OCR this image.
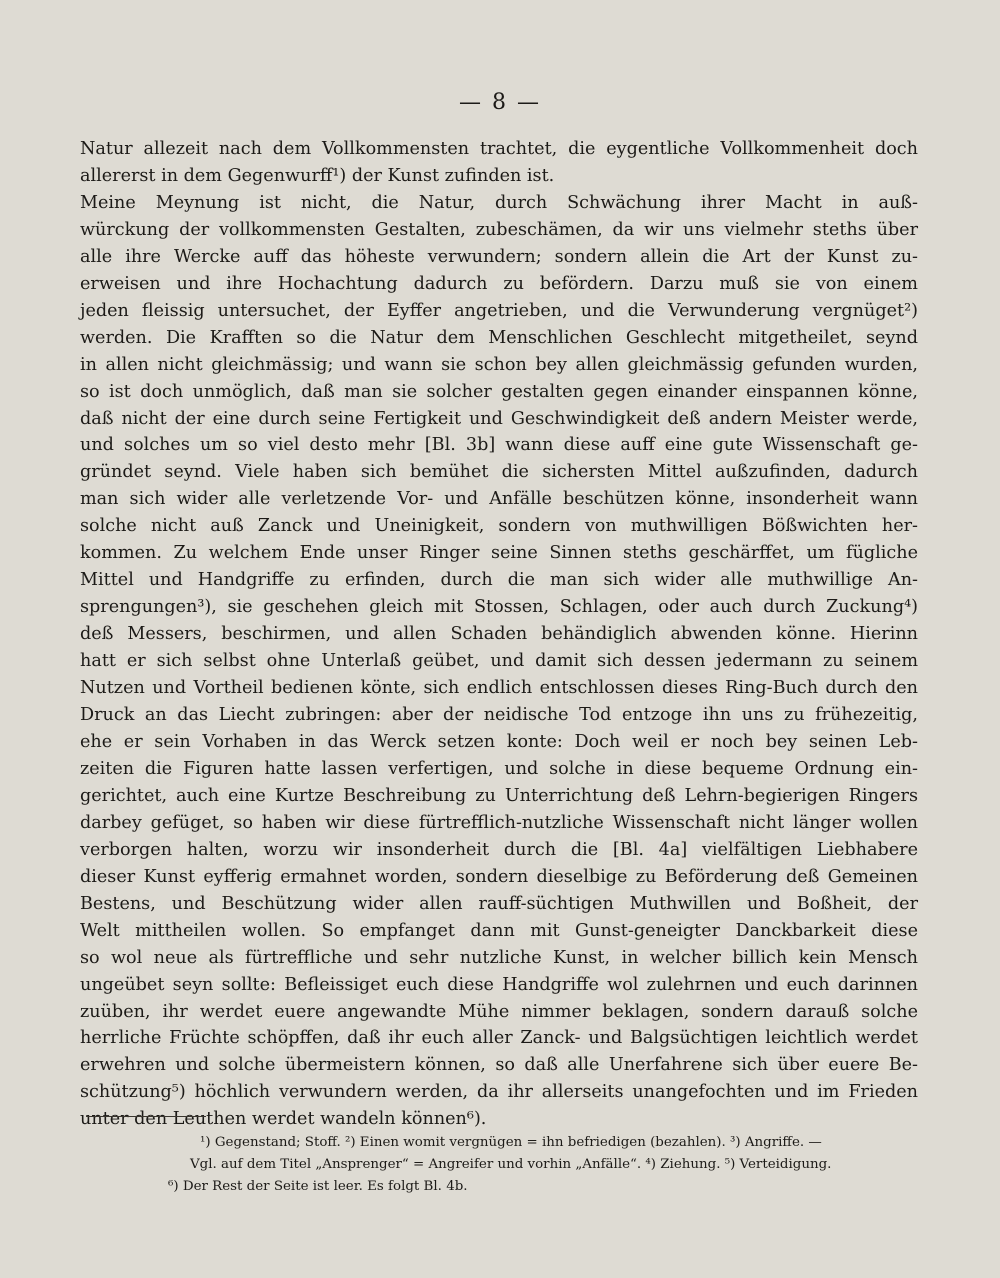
— 8 —
Natur allezeit nach dem Vollkommensten trachtet, die eygentliche Vollkommenheit doch
allererst in dem Gegenwurff¹) der Kunst zufinden ist.
Meine Meynung ist nicht, die Natur, durch Schwächung ihrer Macht in auß-
würckung der vollkommensten Gestalten, zubeschämen, da wir uns vielmehr steths über
alle ihre Wercke auff das höheste verwundern; sondern allein die Art der Kunst zu-
erweisen und ihre Hochachtung dadurch zu befördern. Darzu muß sie von einem
jeden fleissig untersuchet, der Eyffer angetrieben, und die Verwunderung vergnüget²)
werden. Die Krafften so die Natur dem Menschlichen Geschlecht mitgetheilet, seynd
in allen nicht gleichmässig; und wann sie schon bey allen gleichmässig gefunden wurden,
so ist doch unmöglich, daß man sie solcher gestalten gegen einander einspannen könne,
daß nicht der eine durch seine Fertigkeit und Geschwindigkeit deß andern Meister werde,
und solches um so viel desto mehr [Bl. 3b] wann diese auff eine gute Wissenschaft ge-
gründet seynd. Viele haben sich bemühet die sichersten Mittel außzufinden, dadurch
man sich wider alle verletzende Vor- und Anfälle beschützen könne, insonderheit wann
solche nicht auß Zanck und Uneinigkeit, sondern von muthwilligen Bößwichten her-
kommen. Zu welchem Ende unser Ringer seine Sinnen steths geschärffet, um fügliche
Mittel und Handgriffe zu erfinden, durch die man sich wider alle muthwillige An-
sprengungen³), sie geschehen gleich mit Stossen, Schlagen, oder auch durch Zuckung⁴)
deß Messers, beschirmen, und allen Schaden behändiglich abwenden könne. Hierinn
hatt er sich selbst ohne Unterlaß geübet, und damit sich dessen jedermann zu seinem
Nutzen und Vortheil bedienen könte, sich endlich entschlossen dieses Ring-Buch durch den
Druck an das Liecht zubringen: aber der neidische Tod entzoge ihn uns zu frühezeitig,
ehe er sein Vorhaben in das Werck setzen konte: Doch weil er noch bey seinen Leb-
zeiten die Figuren hatte lassen verfertigen, und solche in diese bequeme Ordnung ein-
gerichtet, auch eine Kurtze Beschreibung zu Unterrichtung deß Lehrn-begierigen Ringers
darbey gefüget, so haben wir diese fürtrefflich-nutzliche Wissenschaft nicht länger wollen
verborgen halten, worzu wir insonderheit durch die [Bl. 4a] vielfältigen Liebhabere
dieser Kunst eyfferig ermahnet worden, sondern dieselbige zu Beförderung deß Gemeinen
Bestens, und Beschützung wider allen rauff-süchtigen Muthwillen und Boßheit, der
Welt mittheilen wollen. So empfanget dann mit Gunst-geneigter Danckbarkeit diese
so wol neue als fürtreffliche und sehr nutzliche Kunst, in welcher billich kein Mensch
ungeübet seyn sollte: Befleissiget euch diese Handgriffe wol zulehrnen und euch darinnen
zuüben, ihr werdet euere angewandte Mühe nimmer beklagen, sondern darauß solche
herrliche Früchte schöpffen, daß ihr euch aller Zanck- und Balgsüchtigen leichtlich werdet
erwehren und solche übermeistern können, so daß alle Unerfahrene sich über euere Be-
schützung⁵) höchlich verwundern werden, da ihr allerseits unangefochten und im Frieden
unter den Leuthen werdet wandeln können⁶).
¹) Gegenstand; Stoff. ²) Einen womit vergnügen = ihn befriedigen (bezahlen). ³) Angriffe. —
Vgl. auf dem Titel „Ansprenger“ = Angreifer und vorhin „Anfälle“. ⁴) Ziehung. ⁵) Verteidigung.
⁶) Der Rest der Seite ist leer. Es folgt Bl. 4b.
